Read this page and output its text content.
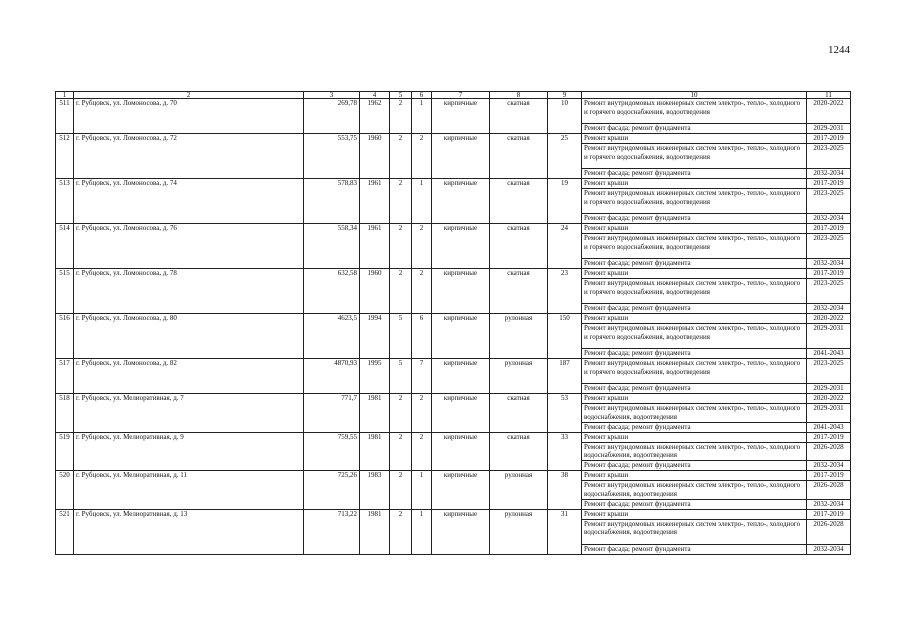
1244
1	2	3	4	5	6	7	8	9	10	11
511	г. Рубцовск, ул. Ломоносова, д. 70	269,78	1962	2	1	кирпичные	скатная	10	Ремонт внутридомовых инженерных систем электро-, тепло-, холодного и горячего водоснабжения, водоотведения	2020-2022
									Ремонт фасада; ремонт фундамента	2029-2031
512	г. Рубцовск, ул. Ломоносова, д. 72	553,75	1960	2	2	кирпичные	скатная	25	Ремонт крыши	2017-2019
									Ремонт внутридомовых инженерных систем электро-, тепло-, холодного и горячего водоснабжения, водоотведения	2023-2025
									Ремонт фасада; ремонт фундамента	2032-2034
513	г. Рубцовск, ул. Ломоносова, д. 74	578,83	1961	2	1	кирпичные	скатная	19	Ремонт крыши	2017-2019
									Ремонт внутридомовых инженерных систем электро-, тепло-, холодного и горячего водоснабжения, водоотведения	2023-2025
									Ремонт фасада; ремонт фундамента	2032-2034
514	г. Рубцовск, ул. Ломоносова, д. 76	558,34	1961	2	2	кирпичные	скатная	24	Ремонт крыши	2017-2019
									Ремонт внутридомовых инженерных систем электро-, тепло-, холодного и горячего водоснабжения, водоотведения	2023-2025
									Ремонт фасада; ремонт фундамента	2032-2034
515	г. Рубцовск, ул. Ломоносова, д. 78	632,58	1960	2	2	кирпичные	скатная	23	Ремонт крыши	2017-2019
									Ремонт внутридомовых инженерных систем электро-, тепло-, холодного и горячего водоснабжения, водоотведения	2023-2025
									Ремонт фасада; ремонт фундамента	2032-2034
516	г. Рубцовск, ул. Ломоносова, д. 80	4623,5	1994	5	6	кирпичные	рулонная	150	Ремонт крыши	2020-2022
									Ремонт внутридомовых инженерных систем электро-, тепло-, холодного и горячего водоснабжения, водоотведения	2029-2031
									Ремонт фасада; ремонт фундамента	2041-2043
517	г. Рубцовск, ул. Ломоносова, д. 82	4870,93	1995	5	7	кирпичные	рулонная	187	Ремонт внутридомовых инженерных систем электро-, тепло-, холодного и горячего водоснабжения, водоотведения	2023-2025
									Ремонт фасада; ремонт фундамента	2029-2031
518	г. Рубцовск, ул. Мелиоративная, д. 7	771,7	1981	2	2	кирпичные	скатная	53	Ремонт крыши	2020-2022
									Ремонт внутридомовых инженерных систем электро-, тепло-, холодного водоснабжения, водоотведения	2029-2031
									Ремонт фасада; ремонт фундамента	2041-2043
519	г. Рубцовск, ул. Мелиоративная, д. 9	759,55	1981	2	2	кирпичные	скатная	33	Ремонт крыши	2017-2019
									Ремонт внутридомовых инженерных систем электро-, тепло-, холодного водоснабжения, водоотведения	2026-2028
									Ремонт фасада; ремонт фундамента	2032-2034
520	г. Рубцовск, ул. Мелиоративная, д. 11	725,26	1983	2	1	кирпичные	рулонная	38	Ремонт крыши	2017-2019
									Ремонт внутридомовых инженерных систем электро-, тепло-, холодного водоснабжения, водоотведения	2026-2028
									Ремонт фасада; ремонт фундамента	2032-2034
521	г. Рубцовск, ул. Мелиоративная, д. 13	713,22	1981	2	1	кирпичные	рулонная	31	Ремонт крыши	2017-2019
									Ремонт внутридомовых инженерных систем электро-, тепло-, холодного водоснабжения, водоотведения	2026-2028
									Ремонт фасада; ремонт фундамента	2032-2034
